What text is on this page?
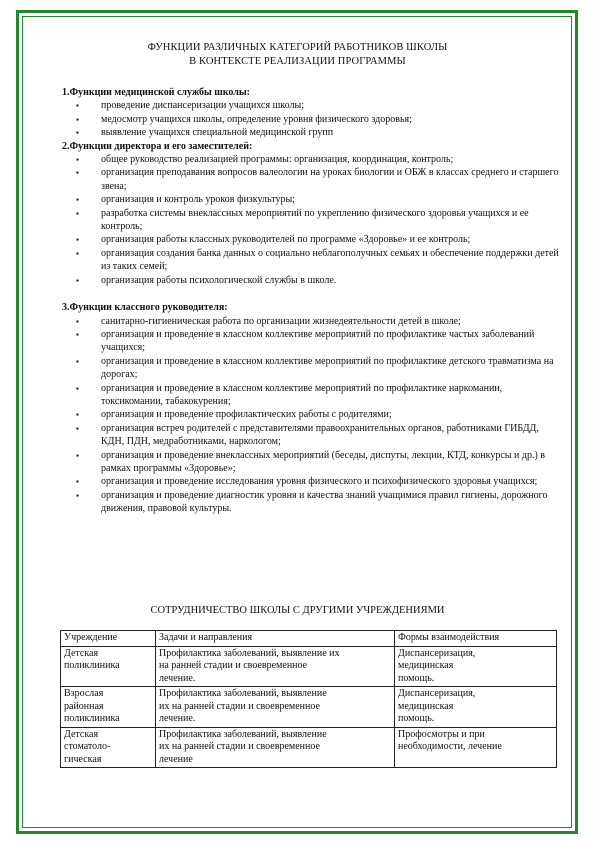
ФУНКЦИИ РАЗЛИЧНЫХ КАТЕГОРИЙ РАБОТНИКОВ ШКОЛЫ
В КОНТЕКСТЕ РЕАЛИЗАЦИИ ПРОГРАММЫ

1.Функции медицинской службы школы:

▪ проведение диспансеризации учащихся школы;
▪ медосмотр учащихся школы, определение уровня физического здоровья;
▪ выявление учащихся специальной медицинской групп

2.Функции директора и его заместителей:

▪ общее руководство реализацией программы: организация, координация, контроль;
▪ организация преподавания вопросов валеологии на уроках биологии и ОБЖ в классах среднего и старшего звена;
▪ организация и контроль уроков физкультуры;
▪ разработка системы внеклассных мероприятий по укреплению физического здоровья учащихся и ее контроль;
▪ организация работы классных руководителей по программе «Здоровье» и ее контроль;
▪ организация создания банка данных о социально неблагополучных семьях и обеспечение поддержки детей из таких семей;
▪ организация работы психологической службы в школе.

3.Функции классного руководителя:

▪ санитарно-гигиеническая работа по организации жизнедеятельности детей в школе;
▪ организация и проведение в классном коллективе мероприятий по профилактике частых заболеваний учащихся;
▪ организация и проведение в классном коллективе мероприятий по профилактике детского травматизма на дорогах;
▪ организация и проведение в классном коллективе мероприятий по профилактике наркомании, токсикомании, табакокурения;
▪ организация и проведение профилактических работы с родителями;
▪ организация встреч родителей с представителями правоохранительных органов, работниками ГИБДД, КДН, ПДН, медработниками, наркологом;
▪ организация и проведение внеклассных мероприятий (беседы, диспуты, лекции, КТД, конкурсы и др.) в рамках программы «Здоровье»;
▪ организация и проведение исследования уровня физического и психофизического здоровья учащихся;
▪ организация и проведение диагностик уровня и качества знаний учащимися правил гигиены, дорожного движения, правовой культуры.
СОТРУДНИЧЕСТВО ШКОЛЫ С ДРУГИМИ УЧРЕЖДЕНИЯМИ
Учреждение	Задачи и направления	Формы взаимодействия
Детская
поликлиника	Профилактика заболеваний, выявление их
на ранней стадии и своевременное
лечение.	Диспансеризация,
медицинская
помощь.
Взрослая
районная
поликлиника	Профилактика заболеваний, выявление
их на ранней стадии и своевременное
лечение.	Диспансеризация,
медицинская
помощь.
Детская
стоматоло-
гическая	Профилактика заболеваний, выявление
их на ранней стадии и своевременное
лечение	Профосмотры и при
необходимости, лечение
